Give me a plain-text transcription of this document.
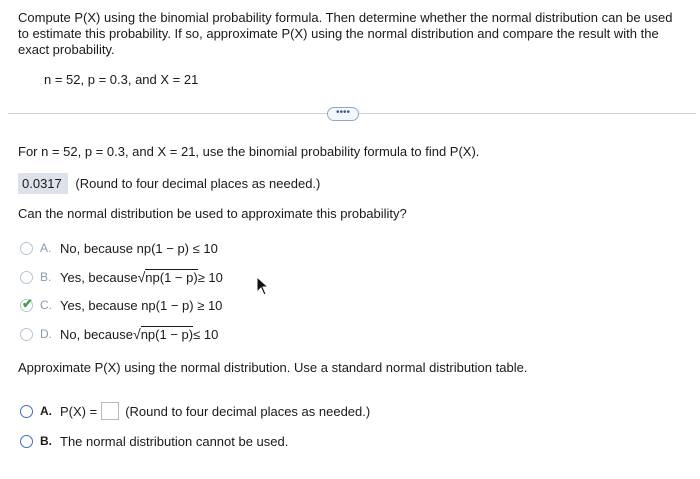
Compute P(X) using the binomial probability formula. Then determine whether the normal distribution can be used to estimate this probability. If so, approximate P(X) using the normal distribution and compare the result with the exact probability.
n = 52, p = 0.3, and X = 21
••••
For n = 52, p = 0.3, and X = 21, use the binomial probability formula to find P(X).
0.0317 (Round to four decimal places as needed.)
Can the normal distribution be used to approximate this probability?
A. No, because np(1 − p) ≤ 10
B. Yes, because √np(1 − p) ≥ 10
✔ C. Yes, because np(1 − p) ≥ 10
D. No, because √np(1 − p) ≤ 10
Approximate P(X) using the normal distribution. Use a standard normal distribution table.
A. P(X) = (Round to four decimal places as needed.)
B. The normal distribution cannot be used.
